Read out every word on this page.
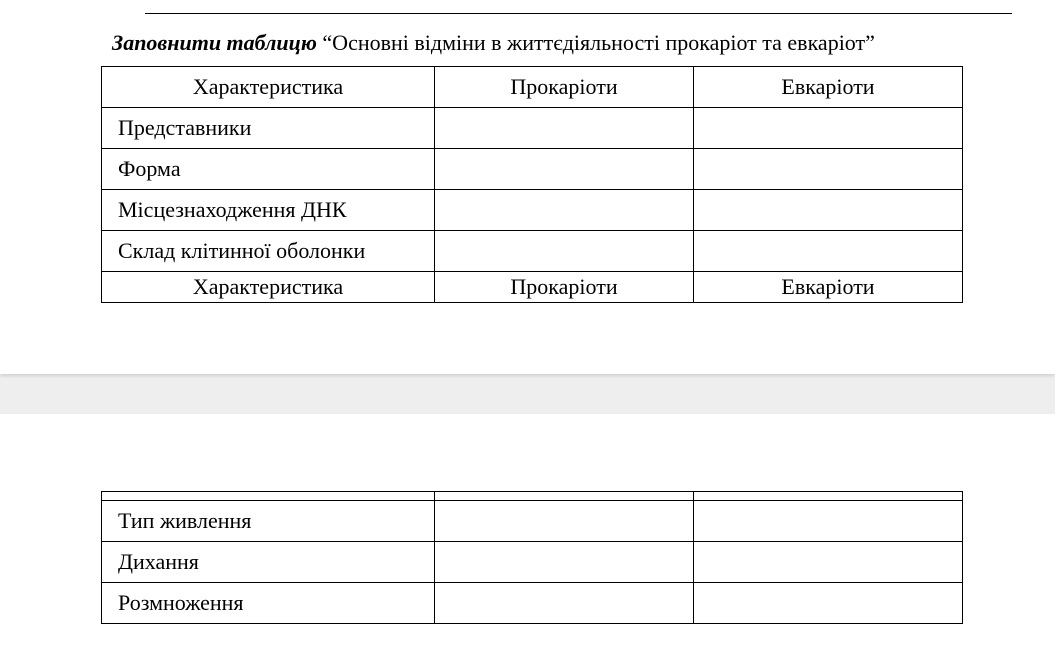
Заповнити таблицю “Основні відміни в життєдіяльності прокаріот та евкаріот”
Характеристика	Прокаріоти	Евкаріоти
Представники		
Форма		
Місцезнаходження ДНК		
Склад клітинної оболонки		
Характеристика	Прокаріоти	Евкаріоти

Тип живлення		
Дихання		
Розмноження		
